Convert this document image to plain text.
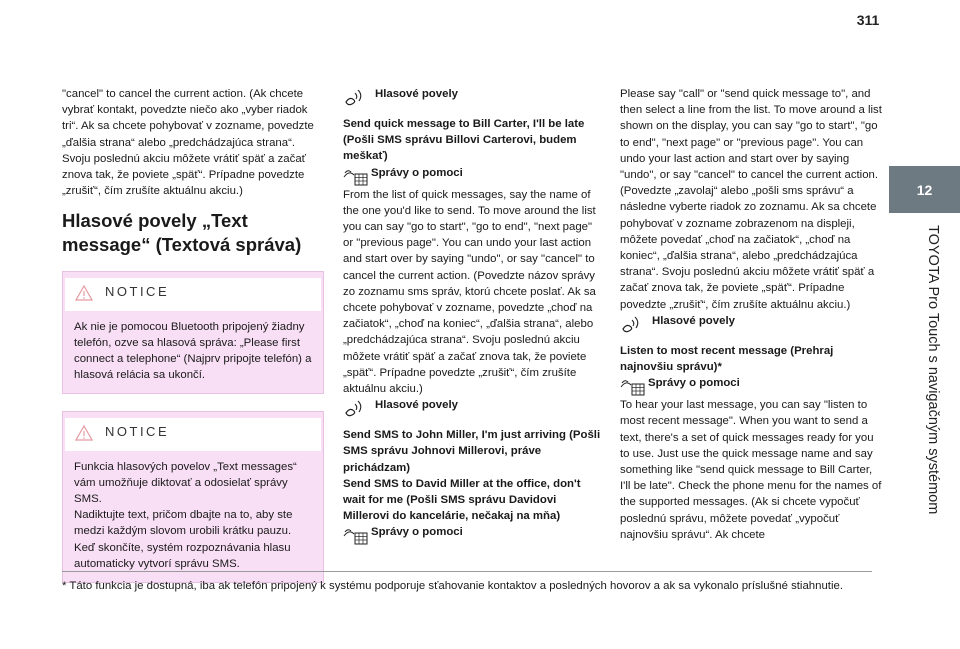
311
12
TOYOTA Pro Touch s navigačným systémom

"cancel" to cancel the current action. (Ak chcete vybrať kontakt, povedzte niečo ako „vyber riadok tri“. Ak sa chcete pohybovať v zozname, povedzte „ďalšia strana“ alebo „predchádzajúca strana“. Svoju poslednú akciu môžete vrátiť späť a začať znova tak, že poviete „späť“. Prípadne povedzte „zrušiť“, čím zrušíte aktuálnu akciu.)

Hlasové povely „Text message“ (Textová správa)
NOTICE
Ak nie je pomocou Bluetooth pripojený žiadny telefón, ozve sa hlasová správa: „Please first connect a telephone“ (Najprv pripojte telefón) a hlasová relácia sa ukončí.
NOTICE
Funkcia hlasových povelov „Text messages“ vám umožňuje diktovať a odosielať správy SMS.
Nadiktujte text, pričom dbajte na to, aby ste medzi každým slovom urobili krátku pauzu.
Keď skončíte, systém rozpoznávania hlasu automaticky vytvorí správu SMS.
Hlasové povely

Send quick message to Bill Carter, I'll be late (Pošli SMS správu Billovi Carterovi, budem meškať)

Správy o pomoci

From the list of quick messages, say the name of the one you'd like to send. To move around the list you can say "go to start", "go to end", "next page" or "previous page". You can undo your last action and start over by saying "undo", or say "cancel" to cancel the current action. (Povedzte názov správy zo zoznamu sms správ, ktorú chcete poslať. Ak sa chcete pohybovať v zozname, povedzte „choď na začiatok“, „choď na koniec“, „ďalšia strana“, alebo „predchádzajúca strana“. Svoju poslednú akciu môžete vrátiť späť a začať znova tak, že poviete „späť“. Prípadne povedzte „zrušiť“, čím zrušíte aktuálnu akciu.)

Hlasové povely

Send SMS to John Miller, I'm just arriving (Pošli SMS správu Johnovi Millerovi, práve prichádzam)

Send SMS to David Miller at the office, don't wait for me (Pošli SMS správu Davidovi Millerovi do kancelárie, nečakaj na mňa)

Správy o pomoci

Please say "call" or "send quick message to", and then select a line from the list. To move around a list shown on the display, you can say "go to start", "go to end", "next page" or "previous page". You can undo your last action and start over by saying "undo", or say "cancel" to cancel the current action. (Povedzte „zavolaj“ alebo „pošli sms správu“ a následne vyberte riadok zo zoznamu. Ak sa chcete pohybovať v zozname zobrazenom na displeji, môžete povedať „choď na začiatok“, „choď na koniec“, „ďalšia strana“, alebo „predchádzajúca strana“. Svoju poslednú akciu môžete vrátiť späť a začať znova tak, že poviete „späť“. Prípadne povedzte „zrušiť“, čím zrušíte aktuálnu akciu.)

Hlasové povely

Listen to most recent message (Prehraj najnovšiu správu)*

Správy o pomoci

To hear your last message, you can say "listen to most recent message". When you want to send a text, there's a set of quick messages ready for you to use. Just use the quick message name and say something like "send quick message to Bill Carter, I'll be late". Check the phone menu for the names of the supported messages. (Ak si chcete vypočuť poslednú správu, môžete povedať „vypočuť najnovšiu správu“. Ak chcete

* Táto funkcia je dostupná, iba ak telefón pripojený k systému podporuje sťahovanie kontaktov a posledných hovorov a ak sa vykonalo príslušné stiahnutie.
